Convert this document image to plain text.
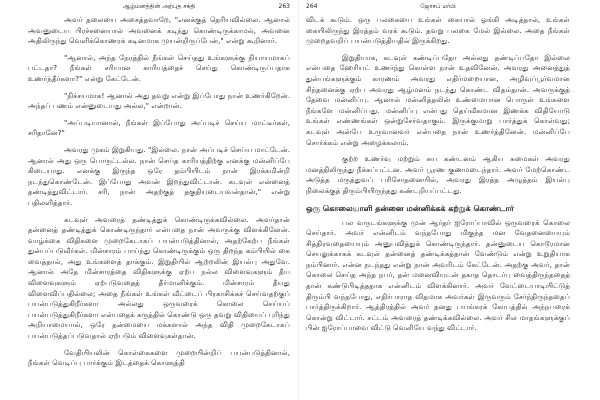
ஆழ்மனத்தின் அற்புத சக்தி	263

அவர் தலையை அசைத்தவாறே, "எனக்குத் தெரியவில்லை. ஆனால் அவனுடைய பிரச்சனையால் அவனைக் கடிந்து கொண்டிருக்காமல், அவனை அதிலிருந்து வெளிக்கொணரக் கடினமாக முயன்றிருப்பேன்," என்று கூறினார்.

"ஆனால், அந்த நேரத்தில் நீங்கள் செய்தது உங்களுக்கு நியாயமாகப் பட்டதா? நீங்கள் சரியான காரியத்தைச் செய்து கொண்டிருப்பதாக உணர்ந்தீர்களா?" என்று கேட்டேன்.

"நிச்சயமாக! ஆனால் அது தவறு என்று இப்போது நான் உணர்கிறேன். அந்தப் பணம் என்னுடையது அல்ல," என்றான்.

"அப்படியானால், நீங்கள் இப்போது அப்படிச் செய்ய மாட்டீர்கள், சரிதானே?"

அவரது முகம் இறுகியது. "இல்லை. நான் அப்படிச் செய்ய மாட்டேன். ஆனால் அது ஒரு பொருட்டல்ல. நான் செய்த காரியத்திற்கு எனக்கு மன்னிப்பே கிடையாது. எனக்கு இருந்த ஒரே தம்பியிடம் நான் இரக்கமின்றி நடந்துகொண்டேன். இப்போது அவன் இறந்துவிட்டான். கடவுள் என்னைத் தண்டித்துவிட்டார். சரி, நான் அதற்குத் தகுதியுடையவன்தான்," என்று பதிலளித்தார்.

கடவுள் அவரைத் தண்டித்துக் கொண்டிருக்கவில்லை. அவர்தான் தன்னைத் தண்டித்துக் கொண்டிருந்தார் என்பதை நான் அவருக்கு விளக்கினேன். வாழ்க்கை விதிகளை முறைகேடாகப் பயன்படுத்தினால், அதற்கேற்ப நீங்கள் துன்பப்படுவீர்கள். மின்சாரம் பாய்ந்து கொண்டிருக்கும் ஒரு திறந்த கம்பியில் கை வைத்தால், அது உங்களைத் தாக்கும். இறுதியில் ஆற்றலின் இயல்பு அதுவே. ஆனால் அதே மின்சாரத்தை விதிகளுக்கு ஏற்ப நல்ல விளைவுகளும் தீய விளைவுகளும் ஏற்படுவதைத் தீர்மானிக்கும். மின்சாரம் தீயது விளைவிப்பதில்லை; அதை நீங்கள் உங்கள் வீட்டைப் பிரகாசிக்கச் செய்வதற்குப் பயன்படுத்துகிறீர்களா அல்லது ஒருவரைக் கொலை செய்யப் பயன்படுத்துகிறீர்களா என்பதைக் கருத்தில் கொண்டு ஒரு தவறு விதியைப் புரிந்து அறியாமையால், ஒரே தன்மையை மக்களால் அந்த விதி முறைகேடாகப் பயன்படுத்தப்படுவதால் ஏற்படும் விளைவுகள்தான்.

வேதியியலின் கொள்கைகளை முறையின்றிப் பயன்படுத்தினால், நீங்கள் வெடிப்பு பார்க்கும் இடத்தைக் கொளுத்தி

264	ஜோசப் மர்பி

விடக் கூடும். ஒரு பலகையை உங்கள் கையால் ஓங்கி அடித்தால், உங்கள் கையிலிருந்து இரத்தம் வரக் கூடும். தவறு பலகை மேல் இல்லை. அதை நீங்கள் முறைதவறிப் பயன்படுத்தியதில் இருக்கிறது.

இறுதியாக, கடவுள் கண்டிப்பதோ அல்லது தண்டிப்பதோ இல்லை என்பதை ஹேரியட் உணர்ந்து கொள்ள நான் உதவினேன். அவரது அனைத்துத் துன்பங்களுக்கும் காரணம் அவரது எதிர்மறையான, அழிவுப்பூர்வமான சிந்தனைக்கு ஏற்ப அவரது ஆழ்மனம் நடந்து கொண்ட விதம்தான். அவருக்குத் தேவை மன்னிப்பு. ஆனால் மன்னித்தலின் உண்மையான பொருள் உங்களை நீங்களே மன்னிப்பது. மன்னிப்பு என்பது தெய்வீகமான இணக்க விதியோடு உங்கள் எண்ணங்கள் ஒன்றுசேர்வதாகும். இருக்குமாறு பார்த்துக் கொள்வது; கடவுள் அன்பே உருவானவர் என்பதை நான் உணர்த்தினேன். மன்னிப்பே சொர்க்கம் என்று அழைக்கலாம்.

குற்ற உணர்வு மற்றும் சுய கண்டனம் ஆகிய சுமைகள் அவரது மனத்திலிருந்து நீக்கப்பட்டன. அவர் பூரண குணமடைந்தார். அவர் மேற்கொண்ட அடுத்த மருத்துவப் பரிசோதனையில், அவரது இரத்த அழுத்தம் இயல்பு நிலைக்குத் திரும்பியிருந்தது கண்டறியப்பட்டது.

ஒரு கொலையாளி தன்னை மன்னிக்கக் கற்றுக் கொண்டார்

பல வருடங்களுக்கு முன் ஆர்தர் ஐரோப்பாவில் ஒருவரைக் கொலை செய்தார். அவர் என்னிடம் வந்தபோது மிகுந்த மன வேதனையையும் சித்திரவதையையும் அனுபவித்துக் கொண்டிருந்தார். தன்னுடைய கொடூரமான செயலுக்காகக் கடவுள் தன்னைத் தண்டிக்கத்தான் வேண்டும் என்று உறுதியாக நம்பினார். என்ன நடந்தது என்று நான் அவரிடம் கேட்டேன். அதற்கு அவர், தான் கொலை செய்த அந்த நபர், தன் மனைவியுடன் தகாத தொடர்பு வைத்திருந்ததைத் தான் கண்டுபிடித்ததாக என்னிடம் விளக்கினார். அவர் வேட்டையாடியிட்டுத் திரும்பி வந்தபோது, எதிர்பாராத விதமாக அவர்கள் இருவரும் சேர்ந்திருந்ததைப் பார்த்திருக்கிறார். ஆத்திரத்தில் அவர் தனது பயங்கரக் கோபத்தில் அந்நபரைக் கொன்று விட்டார். சட்டம் அவரைத் தண்டிக்கவில்லை. அவர் சில மாதங்களுக்குப் பின் ஐரோப்பாவை விட்டு வெளியே வந்து விட்டார்.
